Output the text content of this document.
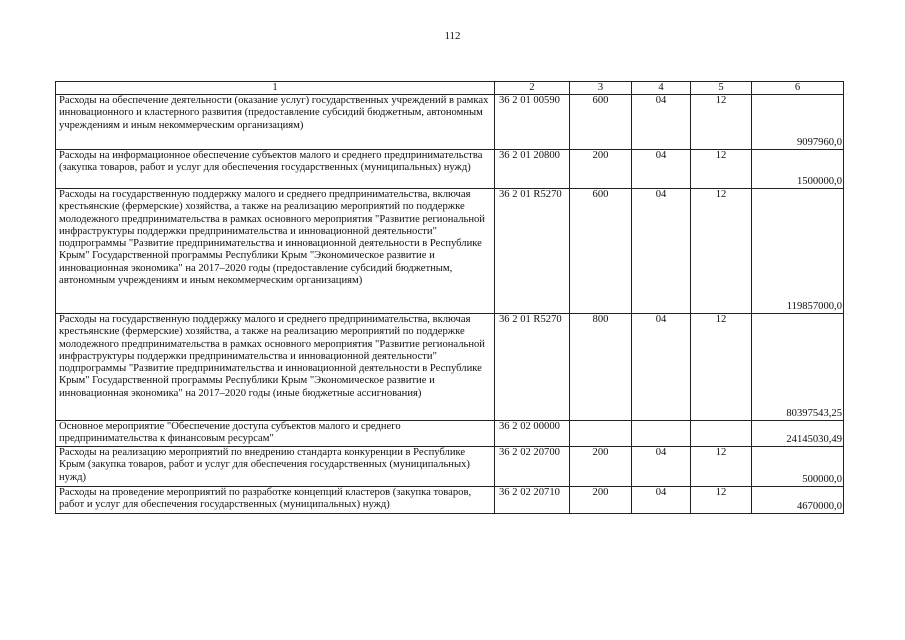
112
1	2	3	4	5	6
Расходы на обеспечение деятельности (оказание услуг) государственных учреждений в рамках инновационного и кластерного развития (предоставление субсидий бюджетным, автономным учреждениям и иным некоммерческим организациям)	36 2 01 00590	600	04	12	9097960,0
Расходы на информационное обеспечение субъектов малого и среднего предпринимательства (закупка товаров, работ и услуг для обеспечения государственных (муниципальных) нужд)	36 2 01 20800	200	04	12	1500000,0
Расходы на государственную поддержку малого и среднего предпринимательства, включая крестьянские (фермерские) хозяйства, а также на реализацию мероприятий по поддержке молодежного предпринимательства в рамках основного мероприятия "Развитие региональной инфраструктуры поддержки предпринимательства и инновационной деятельности" подпрограммы "Развитие предпринимательства и инновационной деятельности в Республике Крым" Государственной программы Республики Крым "Экономическое развитие и инновационная экономика" на 2017–2020 годы (предоставление субсидий бюджетным, автономным учреждениям и иным некоммерческим организациям)	36 2 01 R5270	600	04	12	119857000,0
Расходы на государственную поддержку малого и среднего предпринимательства, включая крестьянские (фермерские) хозяйства, а также на реализацию мероприятий по поддержке молодежного предпринимательства в рамках основного мероприятия "Развитие региональной инфраструктуры поддержки предпринимательства и инновационной деятельности" подпрограммы "Развитие предпринимательства и инновационной деятельности в Республике Крым" Государственной программы Республики Крым "Экономическое развитие и инновационная экономика" на 2017–2020 годы (иные бюджетные ассигнования)	36 2 01 R5270	800	04	12	80397543,25
Основное мероприятие "Обеспечение доступа субъектов малого и среднего предпринимательства к финансовым ресурсам"	36 2 02 00000				24145030,49
Расходы на реализацию мероприятий по внедрению стандарта конкуренции в Республике Крым (закупка товаров, работ и услуг для обеспечения государственных (муниципальных) нужд)	36 2 02 20700	200	04	12	500000,0
Расходы на проведение мероприятий по разработке концепций кластеров (закупка товаров, работ и услуг для обеспечения государственных (муниципальных) нужд)	36 2 02 20710	200	04	12	4670000,0
